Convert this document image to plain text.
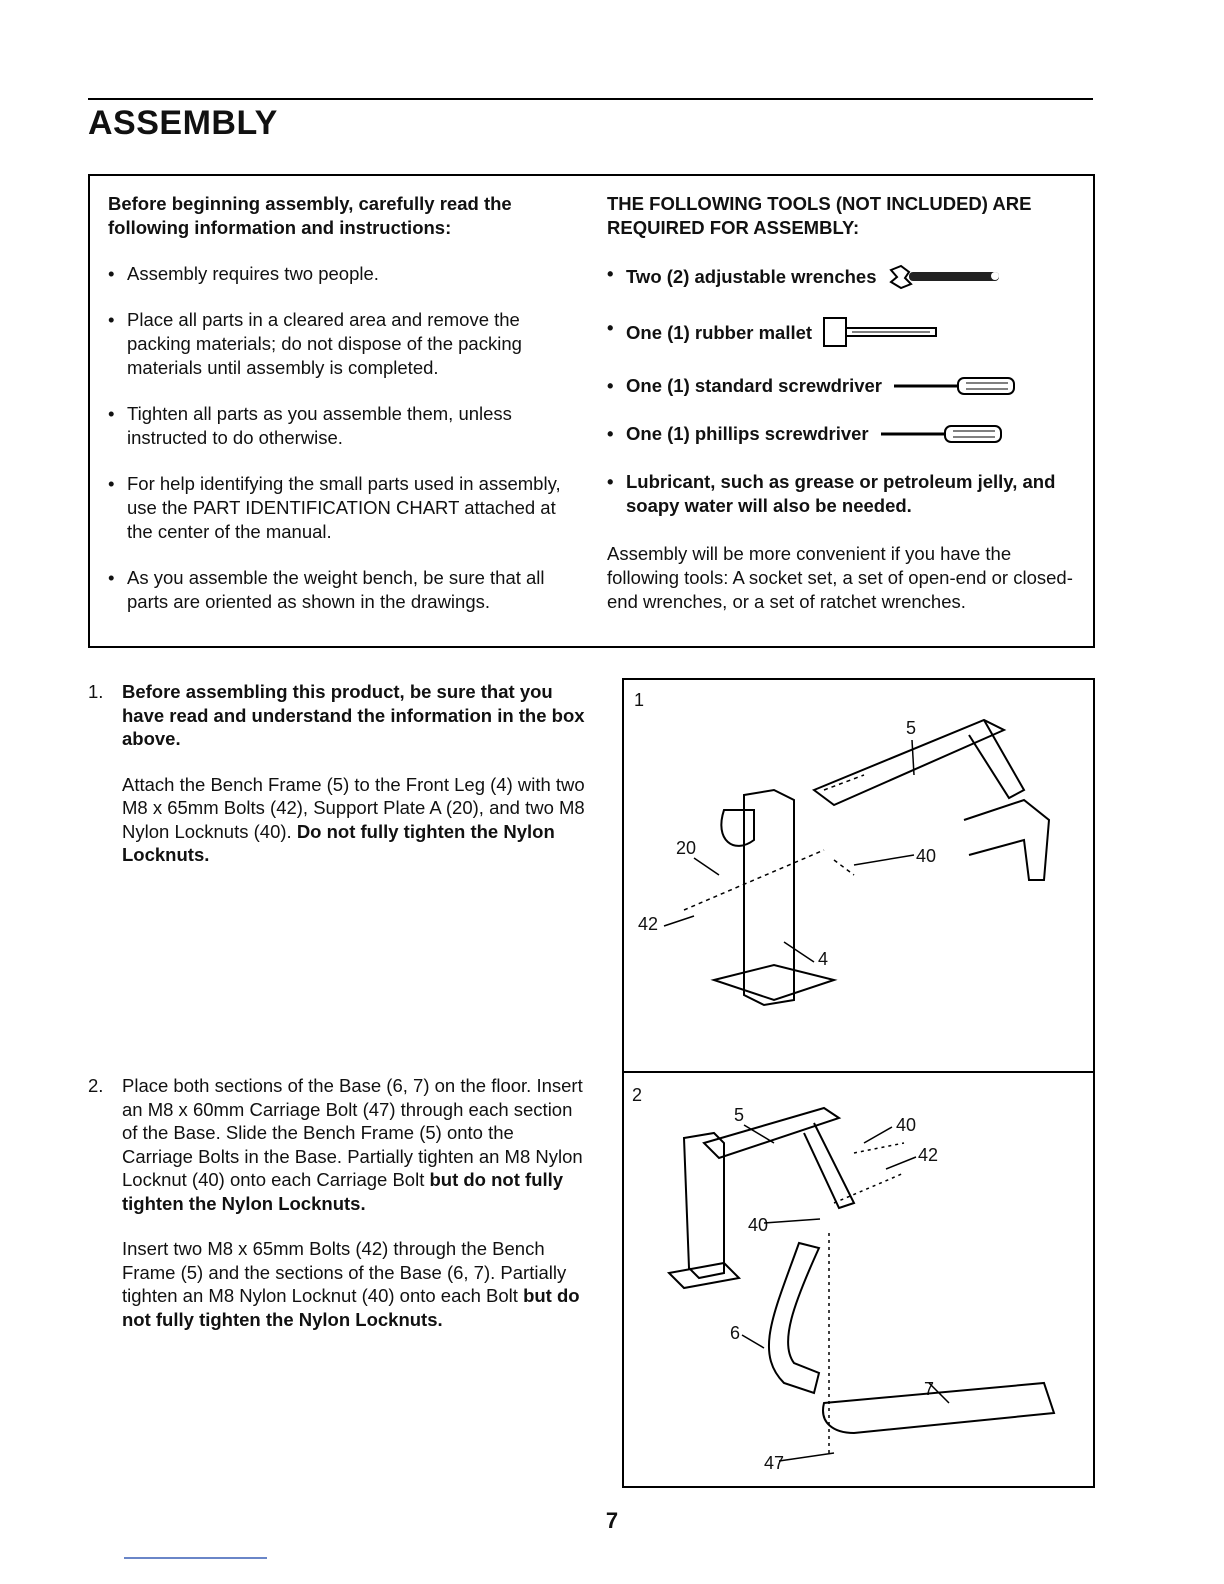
ASSEMBLY

Before beginning assembly, carefully read the following information and instructions:

• Assembly requires two people.
• Place all parts in a cleared area and remove the packing materials; do not dispose of the packing materials until assembly is completed.
• Tighten all parts as you assemble them, unless instructed to do otherwise.
• For help identifying the small parts used in assembly, use the PART IDENTIFICATION CHART attached at the center of the manual.
• As you assemble the weight bench, be sure that all parts are oriented as shown in the drawings.

THE FOLLOWING TOOLS (NOT INCLUDED) ARE REQUIRED FOR ASSEMBLY:

• Two (2) adjustable wrenches
• One (1) rubber mallet
• One (1) standard screwdriver
• One (1) phillips screwdriver
• Lubricant, such as grease or petroleum jelly, and soapy water will also be needed.

Assembly will be more convenient if you have the following tools: A socket set, a set of open-end or closed-end wrenches, or a set of ratchet wrenches.

1. Before assembling this product, be sure that you have read and understand the information in the box above.

Attach the Bench Frame (5) to the Front Leg (4) with two M8 x 65mm Bolts (42), Support Plate A (20), and two M8 Nylon Locknuts (40). Do not fully tighten the Nylon Locknuts.

2. Place both sections of the Base (6, 7) on the floor. Insert an M8 x 60mm Carriage Bolt (47) through each section of the Base. Slide the Bench Frame (5) onto the Carriage Bolts in the Base. Partially tighten an M8 Nylon Locknut (40) onto each Carriage Bolt but do not fully tighten the Nylon Locknuts.

Insert two M8 x 65mm Bolts (42) through the Bench Frame (5) and the sections of the Base (6, 7). Partially tighten an M8 Nylon Locknut (40) onto each Bolt but do not fully tighten the Nylon Locknuts.

1
5
20	40
42
4
2
5	40
42
40
6
7
47
7
